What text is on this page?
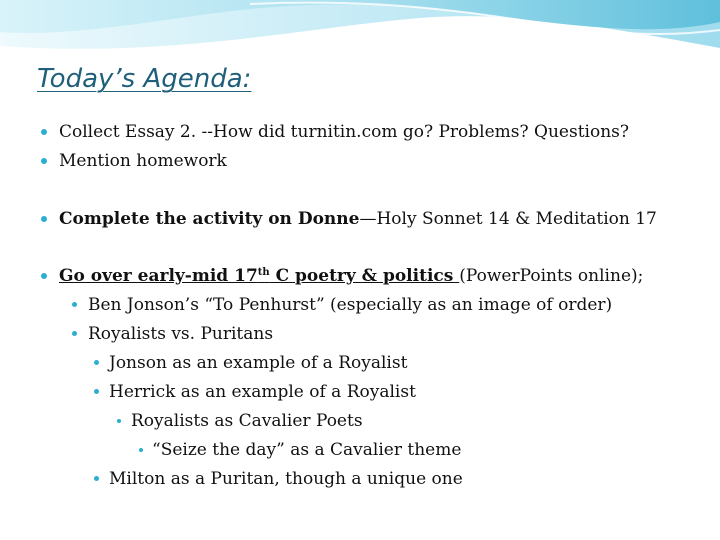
Today’s Agenda:
Collect Essay 2. --How did turnitin.com go? Problems? Questions?
Mention homework
Complete the activity on Donne—Holy Sonnet 14 & Meditation 17
Go over early-mid 17th C poetry & politics (PowerPoints online);
Ben Jonson’s “To Penhurst” (especially as an image of order)
Royalists vs. Puritans
Jonson as an example of a Royalist
Herrick as an example of a Royalist
Royalists as Cavalier Poets
“Seize the day” as a Cavalier theme
Milton as a Puritan, though a unique one
